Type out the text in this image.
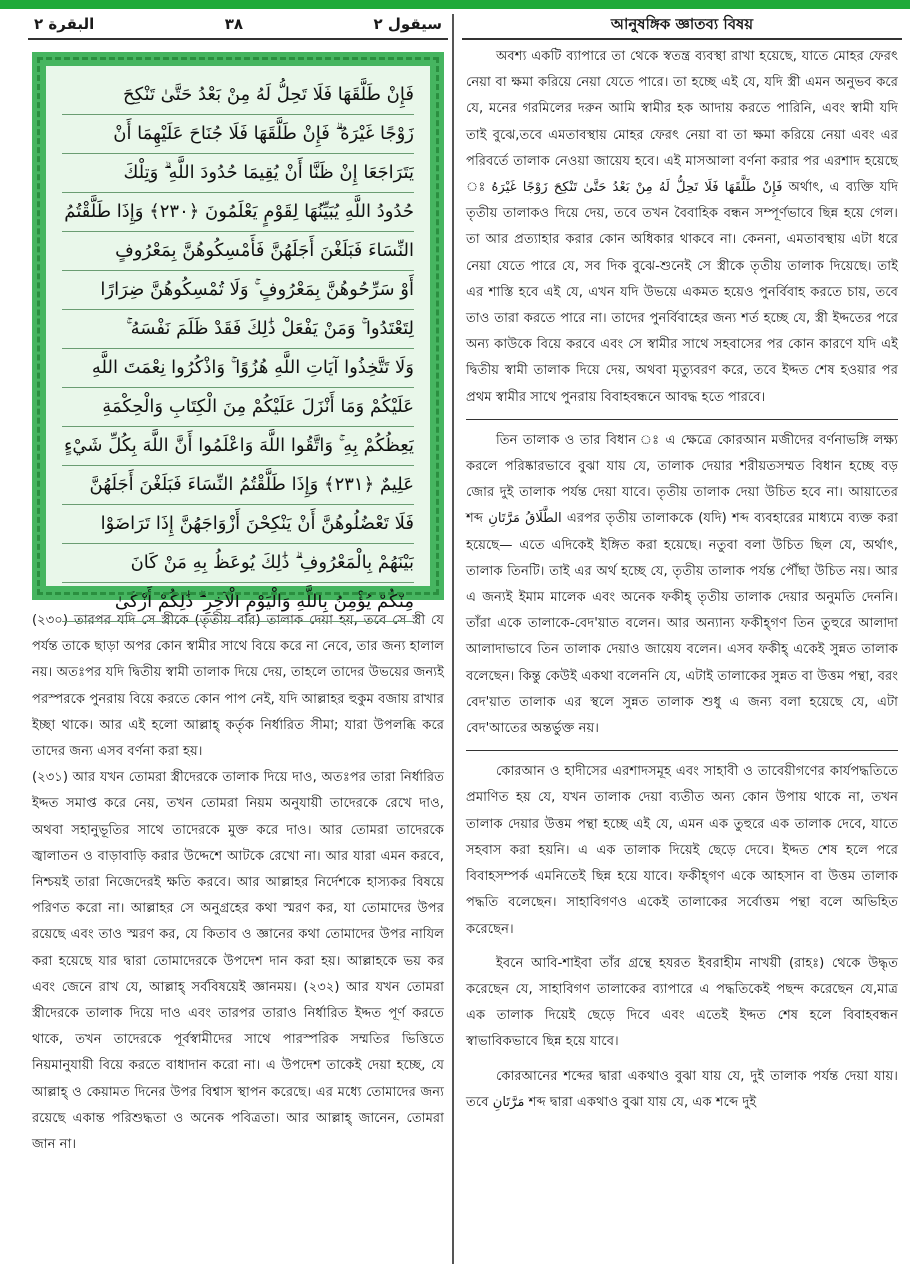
البقرة ٢	٣٨	سيقول ٢
فَإِنْ طَلَّقَهَا فَلَا تَحِلُّ لَهُ مِنْ بَعْدُ حَتَّىٰ تَنْكِحَ
زَوْجًا غَيْرَهُ ۗ فَإِنْ طَلَّقَهَا فَلَا جُنَاحَ عَلَيْهِمَا أَنْ
يَتَرَاجَعَا إِنْ ظَنَّا أَنْ يُقِيمَا حُدُودَ اللَّهِ ۗ وَتِلْكَ
حُدُودُ اللَّهِ يُبَيِّنُهَا لِقَوْمٍ يَعْلَمُونَ ﴿٢٣٠﴾ وَإِذَا طَلَّقْتُمُ
النِّسَاءَ فَبَلَغْنَ أَجَلَهُنَّ فَأَمْسِكُوهُنَّ بِمَعْرُوفٍ
أَوْ سَرِّحُوهُنَّ بِمَعْرُوفٍ ۚ وَلَا تُمْسِكُوهُنَّ ضِرَارًا
لِتَعْتَدُوا ۚ وَمَنْ يَفْعَلْ ذَٰلِكَ فَقَدْ ظَلَمَ نَفْسَهُ ۚ
وَلَا تَتَّخِذُوا آيَاتِ اللَّهِ هُزُوًا ۚ وَاذْكُرُوا نِعْمَتَ اللَّهِ
عَلَيْكُمْ وَمَا أَنْزَلَ عَلَيْكُمْ مِنَ الْكِتَابِ وَالْحِكْمَةِ
يَعِظُكُمْ بِهِ ۚ وَاتَّقُوا اللَّهَ وَاعْلَمُوا أَنَّ اللَّهَ بِكُلِّ شَيْءٍ
عَلِيمٌ ﴿٢٣١﴾ وَإِذَا طَلَّقْتُمُ النِّسَاءَ فَبَلَغْنَ أَجَلَهُنَّ
فَلَا تَعْضُلُوهُنَّ أَنْ يَنْكِحْنَ أَزْوَاجَهُنَّ إِذَا تَرَاضَوْا
بَيْنَهُمْ بِالْمَعْرُوفِ ۗ ذَٰلِكَ يُوعَظُ بِهِ مَنْ كَانَ
مِنْكُمْ يُؤْمِنُ بِاللَّهِ وَالْيَوْمِ الْآخِرِ ۗ ذَٰلِكُمْ أَزْكَىٰ

(২৩০) তারপর যদি সে স্ত্রীকে (তৃতীয় বার) তালাক দেয়া হয়, তবে সে স্ত্রী যে পর্যন্ত তাকে ছাড়া অপর কোন স্বামীর সাথে বিয়ে করে না নেবে, তার জন্য হালাল নয়। অতঃপর যদি দ্বিতীয় স্বামী তালাক দিয়ে দেয়, তাহলে তাদের উভয়ের জন্যই পরস্পরকে পুনরায় বিয়ে করতে কোন পাপ নেই, যদি আল্লাহর হুকুম বজায় রাখার ইচ্ছা থাকে। আর এই হলো আল্লাহ্ কর্তৃক নির্ধারিত সীমা; যারা উপলব্ধি করে তাদের জন্য এসব বর্ণনা করা হয়।

(২৩১) আর যখন তোমরা স্ত্রীদেরকে তালাক দিয়ে দাও, অতঃপর তারা নির্ধারিত ইদ্দত সমাপ্ত করে নেয়, তখন তোমরা নিয়ম অনুযায়ী তাদেরকে রেখে দাও, অথবা সহানুভূতির সাথে তাদেরকে মুক্ত করে দাও। আর তোমরা তাদেরকে জ্বালাতন ও বাড়াবাড়ি করার উদ্দেশে আটকে রেখো না। আর যারা এমন করবে, নিশ্চয়ই তারা নিজেদেরই ক্ষতি করবে। আর আল্লাহর নির্দেশকে হাস্যকর বিষয়ে পরিণত করো না। আল্লাহর সে অনুগ্রহের কথা স্মরণ কর, যা তোমাদের উপর রয়েছে এবং তাও স্মরণ কর, যে কিতাব ও জ্ঞানের কথা তোমাদের উপর নাযিল করা হয়েছে যার দ্বারা তোমাদেরকে উপদেশ দান করা হয়। আল্লাহকে ভয় কর এবং জেনে রাখ যে, আল্লাহ্ সর্ববিষয়েই জ্ঞানময়। (২৩২) আর যখন তোমরা স্ত্রীদেরকে তালাক দিয়ে দাও এবং তারপর তারাও নির্ধারিত ইদ্দত পূর্ণ করতে থাকে, তখন তাদেরকে পূর্বস্বামীদের সাথে পারস্পরিক সম্মতির ভিত্তিতে নিয়মানুযায়ী বিয়ে করতে বাধাদান করো না। এ উপদেশ তাকেই দেয়া হচ্ছে, যে আল্লাহ্ ও কেয়ামত দিনের উপর বিশ্বাস স্থাপন করেছে। এর মধ্যে তোমাদের জন্য রয়েছে একান্ত পরিশুদ্ধতা ও অনেক পবিত্রতা। আর আল্লাহ্ জানেন, তোমরা জান না।

আনুষঙ্গিক জ্ঞাতব্য বিষয়

অবশ্য একটি ব্যাপারে তা থেকে স্বতন্ত্র ব্যবস্থা রাখা হয়েছে, যাতে মোহর ফেরৎ নেয়া বা ক্ষমা করিয়ে নেয়া যেতে পারে। তা হচ্ছে এই যে, যদি স্ত্রী এমন অনুভব করে যে, মনের গরমিলের দরুন আমি স্বামীর হক আদায় করতে পারিনি, এবং স্বামী যদি তাই বুঝে,তবে এমতাবস্থায় মোহর ফেরৎ নেয়া বা তা ক্ষমা করিয়ে নেয়া এবং এর পরিবর্তে তালাক নেওয়া জায়েয হবে। এই মাসআলা বর্ণনা করার পর এরশাদ হয়েছে ঃ فَإِنْ طَلَّقَهَا فَلَا تَحِلُّ لَهُ مِنْ بَعْدُ حَتَّىٰ تَنْكِحَ زَوْجًا غَيْرَهُ অর্থাৎ, এ ব্যক্তি যদি তৃতীয় তালাকও দিয়ে দেয়, তবে তখন বৈবাহিক বন্ধন সম্পূর্ণভাবে ছিন্ন হয়ে গেল। তা আর প্রত্যাহার করার কোন অধিকার থাকবে না। কেননা, এমতাবস্থায় এটা ধরে নেয়া যেতে পারে যে, সব দিক বুঝে-শুনেই সে স্ত্রীকে তৃতীয় তালাক দিয়েছে। তাই এর শাস্তি হবে এই যে, এখন যদি উভয়ে একমত হয়েও পুনর্বিবাহ করতে চায়, তবে তাও তারা করতে পারে না। তাদের পুনর্বিবাহের জন্য শর্ত হচ্ছে যে, স্ত্রী ইদ্দতের পরে অন্য কাউকে বিয়ে করবে এবং সে স্বামীর সাথে সহবাসের পর কোন কারণে যদি এই দ্বিতীয় স্বামী তালাক দিয়ে দেয়, অথবা মৃত্যুবরণ করে, তবে ইদ্দত শেষ হওয়ার পর প্রথম স্বামীর সাথে পুনরায় বিবাহবন্ধনে আবদ্ধ হতে পারবে।

তিন তালাক ও তার বিধান ঃ এ ক্ষেত্রে কোরআন মজীদের বর্ণনাভঙ্গি লক্ষ্য করলে পরিষ্কারভাবে বুঝা যায় যে, তালাক দেয়ার শরীয়তসম্মত বিধান হচ্ছে বড় জোর দুই তালাক পর্যন্ত দেয়া যাবে। তৃতীয় তালাক দেয়া উচিত হবে না। আয়াতের শব্দ الطَّلَاقُ مَرَّتَانِ এরপর তৃতীয় তালাককে (যদি) শব্দ ব্যবহারের মাধ্যমে ব্যক্ত করা হয়েছে— এতে এদিকেই ইঙ্গিত করা হয়েছে। নতুবা বলা উচিত ছিল যে, অর্থাৎ, তালাক তিনটি। তাই এর অর্থ হচ্ছে যে, তৃতীয় তালাক পর্যন্ত পৌঁছা উচিত নয়। আর এ জন্যই ইমাম মালেক এবং অনেক ফকীহ্ তৃতীয় তালাক দেয়ার অনুমতি দেননি। তাঁরা একে তালাকে-বেদ'য়াত বলেন। আর অন্যান্য ফকীহ্‌গণ তিন তুহুরে আলাদা আলাদাভাবে তিন তালাক দেয়াও জায়েয বলেন। এসব ফকীহ্ একেই সুন্নত তালাক বলেছেন। কিন্তু কেউই একথা বলেননি যে, এটাই তালাকের সুন্নত বা উত্তম পন্থা, বরং বেদ'য়াত তালাক এর স্থলে সুন্নত তালাক শুধু এ জন্য বলা হয়েছে যে, এটা বেদ'আতের অন্তর্ভুক্ত নয়।

কোরআন ও হাদীসের এরশাদসমূহ এবং সাহাবী ও তাবেয়ীগণের কার্যপদ্ধতিতে প্রমাণিত হয় যে, যখন তালাক দেয়া ব্যতীত অন্য কোন উপায় থাকে না, তখন তালাক দেয়ার উত্তম পন্থা হচ্ছে এই যে, এমন এক তুহুরে এক তালাক দেবে, যাতে সহবাস করা হয়নি। এ এক তালাক দিয়েই ছেড়ে দেবে। ইদ্দত শেষ হলে পরে বিবাহসম্পর্ক এমনিতেই ছিন্ন হয়ে যাবে। ফকীহ্‌গণ একে আহসান বা উত্তম তালাক পদ্ধতি বলেছেন। সাহাবিগণও একেই তালাকের সর্বোত্তম পন্থা বলে অভিহিত করেছেন।

ইবনে আবি-শাইবা তাঁর গ্রন্থে হযরত ইবরাহীম নাখয়ী (রাহঃ) থেকে উদ্ধৃত করেছেন যে, সাহাবিগণ তালাকের ব্যাপারে এ পদ্ধতিকেই পছন্দ করেছেন যে,মাত্র এক তালাক দিয়েই ছেড়ে দিবে এবং এতেই ইদ্দত শেষ হলে বিবাহবন্ধন স্বাভাবিকভাবে ছিন্ন হয়ে যাবে।

কোরআনের শব্দের দ্বারা একথাও বুঝা যায় যে, দুই তালাক পর্যন্ত দেয়া যায়। তবে مَرَّتَانِ শব্দ দ্বারা একথাও বুঝা যায় যে, এক শব্দে দুই
